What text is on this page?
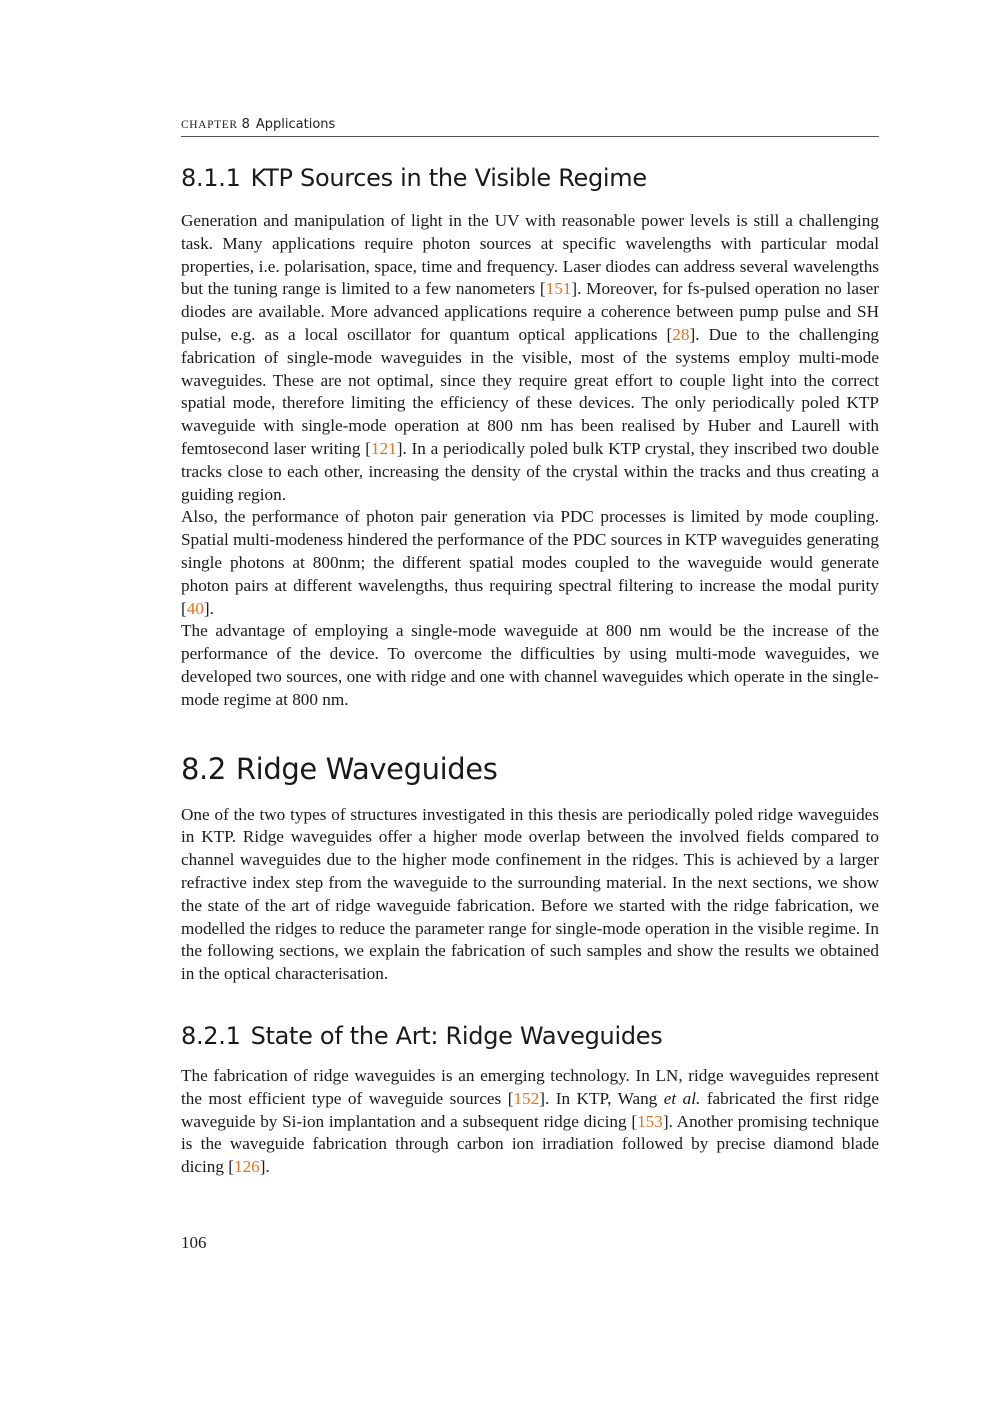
CHAPTER 8 Applications
8.1.1 KTP Sources in the Visible Regime

Generation and manipulation of light in the UV with reasonable power levels is still a challenging task. Many applications require photon sources at specific wavelengths with particular modal properties, i.e. polarisation, space, time and frequency. Laser diodes can address several wavelengths but the tuning range is limited to a few nanometers [151]. Moreover, for fs-pulsed operation no laser diodes are available. More advanced applications require a coherence between pump pulse and SH pulse, e.g. as a local oscillator for quantum optical applications [28]. Due to the challenging fabrication of single-mode waveguides in the visible, most of the systems employ multi-mode waveguides. These are not optimal, since they require great effort to couple light into the correct spatial mode, therefore limiting the efficiency of these devices. The only periodically poled KTP waveguide with single-mode operation at 800 nm has been realised by Huber and Laurell with femtosecond laser writing [121]. In a periodically poled bulk KTP crystal, they inscribed two double tracks close to each other, increasing the density of the crystal within the tracks and thus creating a guiding region.

Also, the performance of photon pair generation via PDC processes is limited by mode coupling. Spatial multi-modeness hindered the performance of the PDC sources in KTP waveguides generating single photons at 800nm; the different spatial modes coupled to the waveguide would generate photon pairs at different wavelengths, thus requiring spectral filtering to increase the modal purity [40].

The advantage of employing a single-mode waveguide at 800 nm would be the increase of the performance of the device. To overcome the difficulties by using multi-mode waveguides, we developed two sources, one with ridge and one with channel waveguides which operate in the single-mode regime at 800 nm.

8.2 Ridge Waveguides

One of the two types of structures investigated in this thesis are periodically poled ridge waveguides in KTP. Ridge waveguides offer a higher mode overlap between the involved fields compared to channel waveguides due to the higher mode confinement in the ridges. This is achieved by a larger refractive index step from the waveguide to the surrounding material. In the next sections, we show the state of the art of ridge waveguide fabrication. Before we started with the ridge fabrication, we modelled the ridges to reduce the parameter range for single-mode operation in the visible regime. In the following sections, we explain the fabrication of such samples and show the results we obtained in the optical characterisation.

8.2.1 State of the Art: Ridge Waveguides

The fabrication of ridge waveguides is an emerging technology. In LN, ridge waveguides represent the most efficient type of waveguide sources [152]. In KTP, Wang et al. fabricated the first ridge waveguide by Si-ion implantation and a subsequent ridge dicing [153]. Another promising technique is the waveguide fabrication through carbon ion irradiation followed by precise diamond blade dicing [126].

106
